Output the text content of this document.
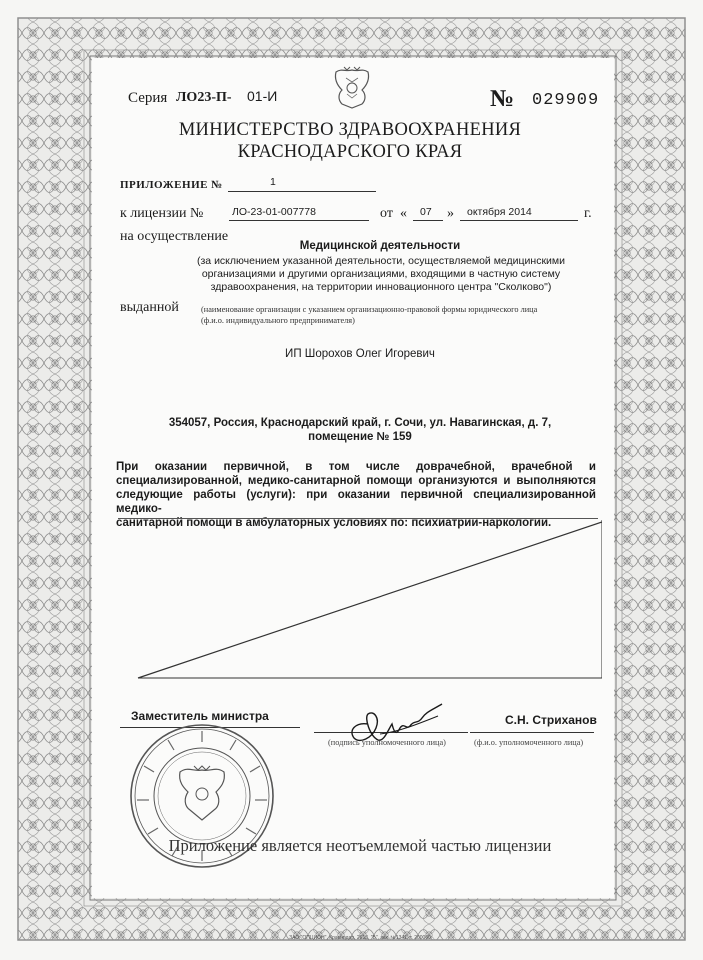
Серия ЛО23-П- 01-И	№ 029909
МИНИСТЕРСТВО ЗДРАВООХРАНЕНИЯ
КРАСНОДАРСКОГО КРАЯ
ПРИЛОЖЕНИЕ №	1
к лицензии №	ЛО-23-01-007778	от « 07 » октября 2014	г.
на осуществление
Медицинской деятельности
(за исключением указанной деятельности, осуществляемой медицинскими организациями и другими организациями, входящими в частную систему здравоохранения, на территории инновационного центра "Сколково")
выданной	(наименование организации с указанием организационно-правовой формы юридического лица
(ф.и.о. индивидуального предпринимателя)
ИП Шорохов Олег Игоревич
354057, Россия, Краснодарский край, г. Сочи, ул. Навагинская, д. 7,
помещение № 159
При оказании первичной, в том числе доврачебной, врачебной и
специализированной, медико-санитарной помощи организуются и выполняются
следующие работы (услуги): при оказании первичной специализированной медико-
санитарной помощи в амбулаторных условиях по: психиатрии-наркологии.
Заместитель министра
(подпись уполномоченного лица)
С.Н. Стриханов
(ф.и.о. уполномоченного лица)
Приложение является неотъемлемой частью лицензии
ЗАО "ОПЦИОН", Краснодар, 2013, "Б", зак. №1341, т. 200000
